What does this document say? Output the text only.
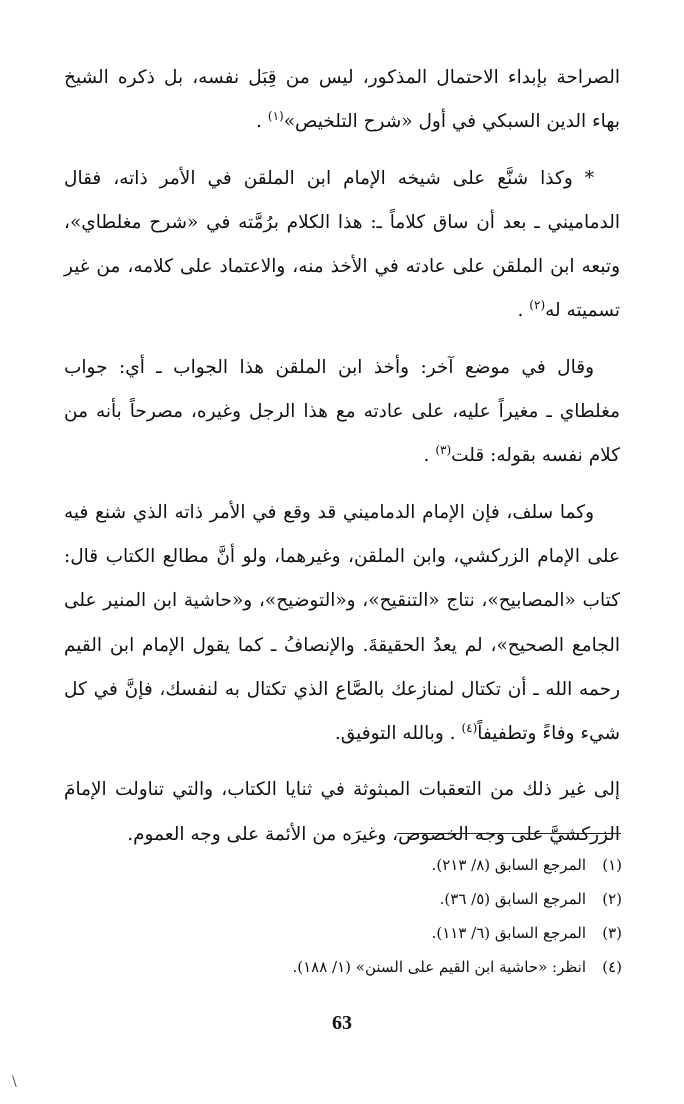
الصراحة بإبداء الاحتمال المذكور، ليس من قِبَل نفسه، بل ذكره الشيخ بهاء الدين السبكي في أول «شرح التلخيص»$^{(١)}$ .

* وكذا شنَّع على شيخه الإمام ابن الملقن في الأمر ذاته، فقال الدماميني ـ بعد أن ساق كلاماً ـ: هذا الكلام برُمَّته في «شرح مغلطاي»، وتبعه ابن الملقن على عادته في الأخذ منه، والاعتماد على كلامه، من غير تسميته له$^{(٢)}$ .

وقال في موضع آخر: وأخذ ابن الملقن هذا الجواب ـ أي: جواب مغلطاي ـ مغيراً عليه، على عادته مع هذا الرجل وغيره، مصرحاً بأنه من كلام نفسه بقوله: قلت$^{(٣)}$ .

وكما سلف، فإن الإمام الدماميني قد وقع في الأمر ذاته الذي شنع فيه على الإمام الزركشي، وابن الملقن، وغيرهما، ولو أنَّ مطالع الكتاب قال: كتاب «المصابيح»، نتاج «التنقيح»، و«التوضيح»، و«حاشية ابن المنير على الجامع الصحيح»، لم يعدُ الحقيقةَ. والإنصافُ ـ كما يقول الإمام ابن القيم رحمه الله ـ أن تكتال لمنازعك بالصَّاع الذي تكتال به لنفسك، فإنَّ في كل شيء وفاءً وتطفيفاً$^{(٤)}$ . وبالله التوفيق.

إلى غير ذلك من التعقبات المبثوثة في ثنايا الكتاب، والتي تناولت الإمامَ الزركشيَّ على وجه الخصوص، وغيرَه من الأئمة على وجه العموم.

(١)
المرجع السابق (٨/ ٢١٣).

(٢)
المرجع السابق (٥/ ٣٦).

(٣)
المرجع السابق (٦/ ١١٣).

(٤)
انظر: «حاشية ابن القيم على السنن» (١/ ١٨٨).

63
\
